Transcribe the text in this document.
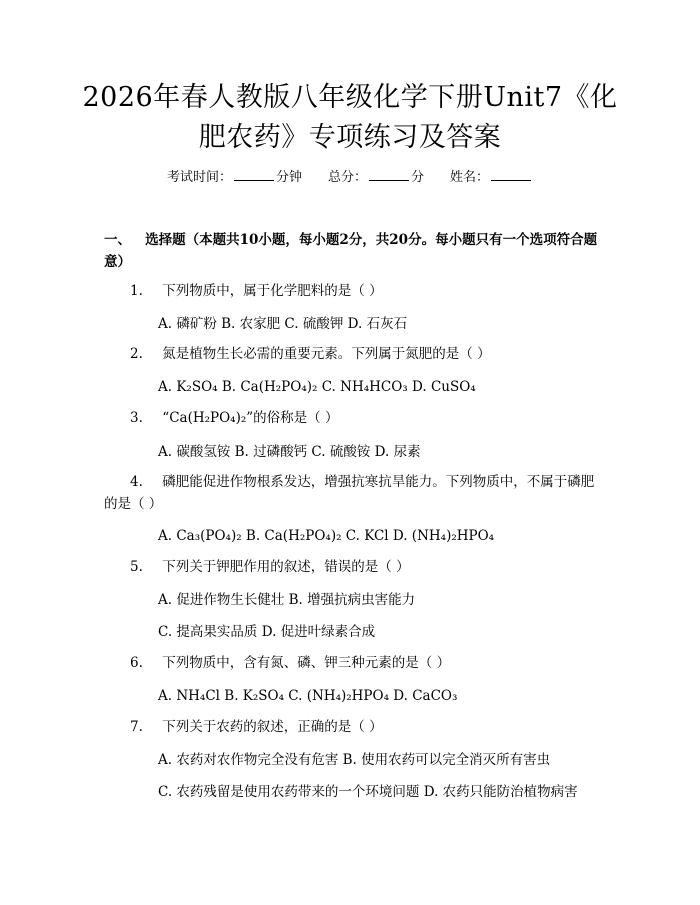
2026年春人教版八年级化学下册Unit7《化肥农药》专项练习及答案
考试时间：	分钟 总分：	分 姓名：
一、 选择题（本题共10小题，每小题2分，共20分。每小题只有一个选项符合题意）
1. 下列物质中，属于化学肥料的是（ ）
A. 磷矿粉 B. 农家肥 C. 硫酸钾 D. 石灰石
2. 氮是植物生长必需的重要元素。下列属于氮肥的是（ ）
A. K₂SO₄ B. Ca(H₂PO₄)₂ C. NH₄HCO₃ D. CuSO₄
3. “Ca(H₂PO₄)₂”的俗称是（ ）
A. 碳酸氢铵 B. 过磷酸钙 C. 硫酸铵 D. 尿素
4. 磷肥能促进作物根系发达，增强抗寒抗旱能力。下列物质中，不属于磷肥的是（ ）
A. Ca₃(PO₄)₂ B. Ca(H₂PO₄)₂ C. KCl D. (NH₄)₂HPO₄
5. 下列关于钾肥作用的叙述，错误的是（ ）
A. 促进作物生长健壮 B. 增强抗病虫害能力
C. 提高果实品质 D. 促进叶绿素合成
6. 下列物质中，含有氮、磷、钾三种元素的是（ ）
A. NH₄Cl B. K₂SO₄ C. (NH₄)₂HPO₄ D. CaCO₃
7. 下列关于农药的叙述，正确的是（ ）
A. 农药对农作物完全没有危害 B. 使用农药可以完全消灭所有害虫
C. 农药残留是使用农药带来的一个环境问题 D. 农药只能防治植物病害
